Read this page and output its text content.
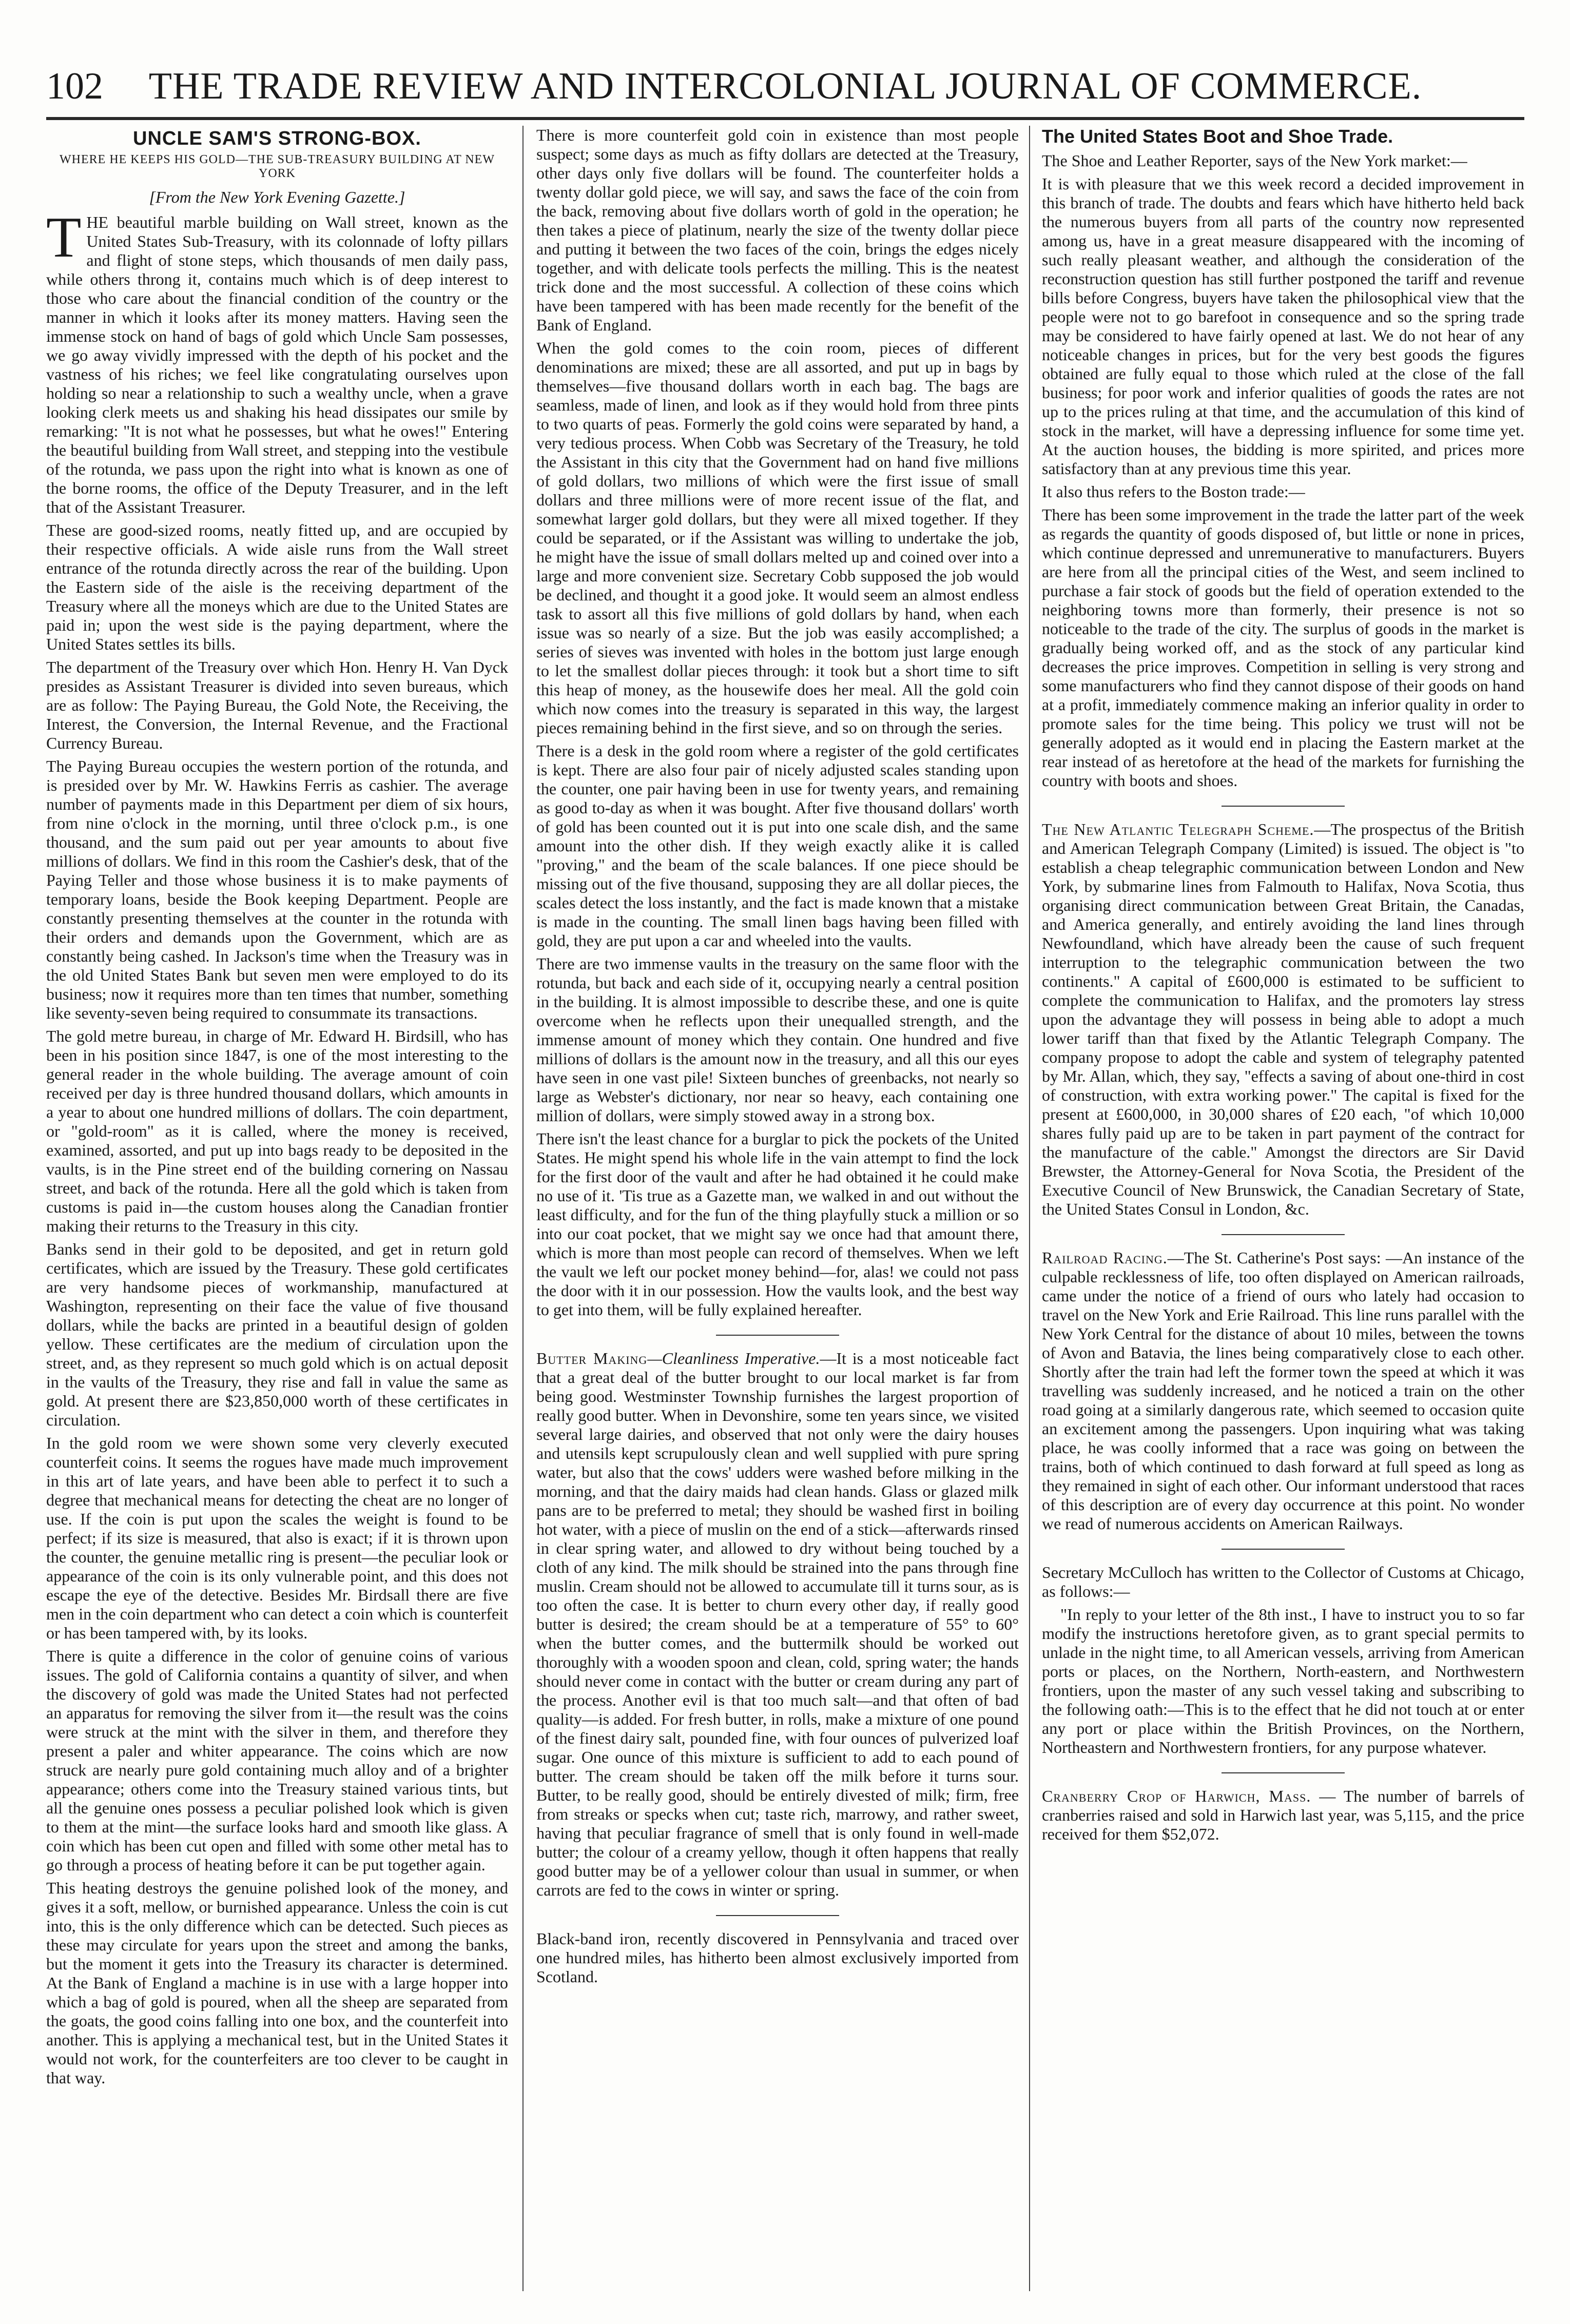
102	THE TRADE REVIEW AND INTERCOLONIAL JOURNAL OF COMMERCE.
UNCLE SAM'S STRONG-BOX.
WHERE HE KEEPS HIS GOLD—THE SUB-TREASURY BUILDING AT NEW YORK
[From the New York Evening Gazette.]

THE beautiful marble building on Wall street, known as the United States Sub-Treasury, with its colonnade of lofty pillars and flight of stone steps, which thousands of men daily pass, while others throng it, contains much which is of deep interest to those who care about the financial condition of the country or the manner in which it looks after its money matters. Having seen the immense stock on hand of bags of gold which Uncle Sam possesses, we go away vividly impressed with the depth of his pocket and the vastness of his riches; we feel like congratulating ourselves upon holding so near a relationship to such a wealthy uncle, when a grave looking clerk meets us and shaking his head dissipates our smile by remarking: "It is not what he possesses, but what he owes!" Entering the beautiful building from Wall street, and stepping into the vestibule of the rotunda, we pass upon the right into what is known as one of the borne rooms, the office of the Deputy Treasurer, and in the left that of the Assistant Treasurer.

These are good-sized rooms, neatly fitted up, and are occupied by their respective officials. A wide aisle runs from the Wall street entrance of the rotunda directly across the rear of the building. Upon the Eastern side of the aisle is the receiving department of the Treasury where all the moneys which are due to the United States are paid in; upon the west side is the paying department, where the United States settles its bills.

The department of the Treasury over which Hon. Henry H. Van Dyck presides as Assistant Treasurer is divided into seven bureaus, which are as follow: The Paying Bureau, the Gold Note, the Receiving, the Interest, the Conversion, the Internal Revenue, and the Fractional Currency Bureau.

The Paying Bureau occupies the western portion of the rotunda, and is presided over by Mr. W. Hawkins Ferris as cashier. The average number of payments made in this Department per diem of six hours, from nine o'clock in the morning, until three o'clock p.m., is one thousand, and the sum paid out per year amounts to about five millions of dollars. We find in this room the Cashier's desk, that of the Paying Teller and those whose business it is to make payments of temporary loans, beside the Book keeping Department. People are constantly presenting themselves at the counter in the rotunda with their orders and demands upon the Government, which are as constantly being cashed. In Jackson's time when the Treasury was in the old United States Bank but seven men were employed to do its business; now it requires more than ten times that number, something like seventy-seven being required to consummate its transactions.

The gold metre bureau, in charge of Mr. Edward H. Birdsill, who has been in his position since 1847, is one of the most interesting to the general reader in the whole building. The average amount of coin received per day is three hundred thousand dollars, which amounts in a year to about one hundred millions of dollars. The coin department, or "gold-room" as it is called, where the money is received, examined, assorted, and put up into bags ready to be deposited in the vaults, is in the Pine street end of the building cornering on Nassau street, and back of the rotunda. Here all the gold which is taken from customs is paid in—the custom houses along the Canadian frontier making their returns to the Treasury in this city.

Banks send in their gold to be deposited, and get in return gold certificates, which are issued by the Treasury. These gold certificates are very handsome pieces of workmanship, manufactured at Washington, representing on their face the value of five thousand dollars, while the backs are printed in a beautiful design of golden yellow. These certificates are the medium of circulation upon the street, and, as they represent so much gold which is on actual deposit in the vaults of the Treasury, they rise and fall in value the same as gold. At present there are $23,850,000 worth of these certificates in circulation.

In the gold room we were shown some very cleverly executed counterfeit coins. It seems the rogues have made much improvement in this art of late years, and have been able to perfect it to such a degree that mechanical means for detecting the cheat are no longer of use. If the coin is put upon the scales the weight is found to be perfect; if its size is measured, that also is exact; if it is thrown upon the counter, the genuine metallic ring is present—the peculiar look or appearance of the coin is its only vulnerable point, and this does not escape the eye of the detective. Besides Mr. Birdsall there are five men in the coin department who can detect a coin which is counterfeit or has been tampered with, by its looks.

There is quite a difference in the color of genuine coins of various issues. The gold of California contains a quantity of silver, and when the discovery of gold was made the United States had not perfected an apparatus for removing the silver from it—the result was the coins were struck at the mint with the silver in them, and therefore they present a paler and whiter appearance. The coins which are now struck are nearly pure gold containing much alloy and of a brighter appearance; others come into the Treasury stained various tints, but all the genuine ones possess a peculiar polished look which is given to them at the mint—the surface looks hard and smooth like glass. A coin which has been cut open and filled with some other metal has to go through a process of heating before it can be put together again.

This heating destroys the genuine polished look of the money, and gives it a soft, mellow, or burnished appearance. Unless the coin is cut into, this is the only difference which can be detected. Such pieces as these may circulate for years upon the street and among the banks, but the moment it gets into the Treasury its character is determined. At the Bank of England a machine is in use with a large hopper into which a bag of gold is poured, when all the sheep are separated from the goats, the good coins falling into one box, and the counterfeit into another. This is applying a mechanical test, but in the United States it would not work, for the counterfeiters are too clever to be caught in that way.

There is more counterfeit gold coin in existence than most people suspect; some days as much as fifty dollars are detected at the Treasury, other days only five dollars will be found. The counterfeiter holds a twenty dollar gold piece, we will say, and saws the face of the coin from the back, removing about five dollars worth of gold in the operation; he then takes a piece of platinum, nearly the size of the twenty dollar piece and putting it between the two faces of the coin, brings the edges nicely together, and with delicate tools perfects the milling. This is the neatest trick done and the most successful. A collection of these coins which have been tampered with has been made recently for the benefit of the Bank of England.

When the gold comes to the coin room, pieces of different denominations are mixed; these are all assorted, and put up in bags by themselves—five thousand dollars worth in each bag. The bags are seamless, made of linen, and look as if they would hold from three pints to two quarts of peas. Formerly the gold coins were separated by hand, a very tedious process. When Cobb was Secretary of the Treasury, he told the Assistant in this city that the Government had on hand five millions of gold dollars, two millions of which were the first issue of small dollars and three millions were of more recent issue of the flat, and somewhat larger gold dollars, but they were all mixed together. If they could be separated, or if the Assistant was willing to undertake the job, he might have the issue of small dollars melted up and coined over into a large and more convenient size. Secretary Cobb supposed the job would be declined, and thought it a good joke. It would seem an almost endless task to assort all this five millions of gold dollars by hand, when each issue was so nearly of a size. But the job was easily accomplished; a series of sieves was invented with holes in the bottom just large enough to let the smallest dollar pieces through: it took but a short time to sift this heap of money, as the housewife does her meal. All the gold coin which now comes into the treasury is separated in this way, the largest pieces remaining behind in the first sieve, and so on through the series.

There is a desk in the gold room where a register of the gold certificates is kept. There are also four pair of nicely adjusted scales standing upon the counter, one pair having been in use for twenty years, and remaining as good to-day as when it was bought. After five thousand dollars' worth of gold has been counted out it is put into one scale dish, and the same amount into the other dish. If they weigh exactly alike it is called "proving," and the beam of the scale balances. If one piece should be missing out of the five thousand, supposing they are all dollar pieces, the scales detect the loss instantly, and the fact is made known that a mistake is made in the counting. The small linen bags having been filled with gold, they are put upon a car and wheeled into the vaults.

There are two immense vaults in the treasury on the same floor with the rotunda, but back and each side of it, occupying nearly a central position in the building. It is almost impossible to describe these, and one is quite overcome when he reflects upon their unequalled strength, and the immense amount of money which they contain. One hundred and five millions of dollars is the amount now in the treasury, and all this our eyes have seen in one vast pile! Sixteen bunches of greenbacks, not nearly so large as Webster's dictionary, nor near so heavy, each containing one million of dollars, were simply stowed away in a strong box.

There isn't the least chance for a burglar to pick the pockets of the United States. He might spend his whole life in the vain attempt to find the lock for the first door of the vault and after he had obtained it he could make no use of it. 'Tis true as a Gazette man, we walked in and out without the least difficulty, and for the fun of the thing playfully stuck a million or so into our coat pocket, that we might say we once had that amount there, which is more than most people can record of themselves. When we left the vault we left our pocket money behind—for, alas! we could not pass the door with it in our possession. How the vaults look, and the best way to get into them, will be fully explained hereafter.

Butter Making—Cleanliness Imperative.—It is a most noticeable fact that a great deal of the butter brought to our local market is far from being good. Westminster Township furnishes the largest proportion of really good butter. When in Devonshire, some ten years since, we visited several large dairies, and observed that not only were the dairy houses and utensils kept scrupulously clean and well supplied with pure spring water, but also that the cows' udders were washed before milking in the morning, and that the dairy maids had clean hands. Glass or glazed milk pans are to be preferred to metal; they should be washed first in boiling hot water, with a piece of muslin on the end of a stick—afterwards rinsed in clear spring water, and allowed to dry without being touched by a cloth of any kind. The milk should be strained into the pans through fine muslin. Cream should not be allowed to accumulate till it turns sour, as is too often the case. It is better to churn every other day, if really good butter is desired; the cream should be at a temperature of 55° to 60° when the butter comes, and the buttermilk should be worked out thoroughly with a wooden spoon and clean, cold, spring water; the hands should never come in contact with the butter or cream during any part of the process. Another evil is that too much salt—and that often of bad quality—is added. For fresh butter, in rolls, make a mixture of one pound of the finest dairy salt, pounded fine, with four ounces of pulverized loaf sugar. One ounce of this mixture is sufficient to add to each pound of butter. The cream should be taken off the milk before it turns sour. Butter, to be really good, should be entirely divested of milk; firm, free from streaks or specks when cut; taste rich, marrowy, and rather sweet, having that peculiar fragrance of smell that is only found in well-made butter; the colour of a creamy yellow, though it often happens that really good butter may be of a yellower colour than usual in summer, or when carrots are fed to the cows in winter or spring.

Black-band iron, recently discovered in Pennsylvania and traced over one hundred miles, has hitherto been almost exclusively imported from Scotland.

The United States Boot and Shoe Trade.

The Shoe and Leather Reporter, says of the New York market:—

It is with pleasure that we this week record a decided improvement in this branch of trade. The doubts and fears which have hitherto held back the numerous buyers from all parts of the country now represented among us, have in a great measure disappeared with the incoming of such really pleasant weather, and although the consideration of the reconstruction question has still further postponed the tariff and revenue bills before Congress, buyers have taken the philosophical view that the people were not to go barefoot in consequence and so the spring trade may be considered to have fairly opened at last. We do not hear of any noticeable changes in prices, but for the very best goods the figures obtained are fully equal to those which ruled at the close of the fall business; for poor work and inferior qualities of goods the rates are not up to the prices ruling at that time, and the accumulation of this kind of stock in the market, will have a depressing influence for some time yet. At the auction houses, the bidding is more spirited, and prices more satisfactory than at any previous time this year.

It also thus refers to the Boston trade:—

There has been some improvement in the trade the latter part of the week as regards the quantity of goods disposed of, but little or none in prices, which continue depressed and unremunerative to manufacturers. Buyers are here from all the principal cities of the West, and seem inclined to purchase a fair stock of goods but the field of operation extended to the neighboring towns more than formerly, their presence is not so noticeable to the trade of the city. The surplus of goods in the market is gradually being worked off, and as the stock of any particular kind decreases the price improves. Competition in selling is very strong and some manufacturers who find they cannot dispose of their goods on hand at a profit, immediately commence making an inferior quality in order to promote sales for the time being. This policy we trust will not be generally adopted as it would end in placing the Eastern market at the rear instead of as heretofore at the head of the markets for furnishing the country with boots and shoes.

The New Atlantic Telegraph Scheme.—The prospectus of the British and American Telegraph Company (Limited) is issued. The object is "to establish a cheap telegraphic communication between London and New York, by submarine lines from Falmouth to Halifax, Nova Scotia, thus organising direct communication between Great Britain, the Canadas, and America generally, and entirely avoiding the land lines through Newfoundland, which have already been the cause of such frequent interruption to the telegraphic communication between the two continents." A capital of £600,000 is estimated to be sufficient to complete the communication to Halifax, and the promoters lay stress upon the advantage they will possess in being able to adopt a much lower tariff than that fixed by the Atlantic Telegraph Company. The company propose to adopt the cable and system of telegraphy patented by Mr. Allan, which, they say, "effects a saving of about one-third in cost of construction, with extra working power." The capital is fixed for the present at £600,000, in 30,000 shares of £20 each, "of which 10,000 shares fully paid up are to be taken in part payment of the contract for the manufacture of the cable." Amongst the directors are Sir David Brewster, the Attorney-General for Nova Scotia, the President of the Executive Council of New Brunswick, the Canadian Secretary of State, the United States Consul in London, &c.

Railroad Racing.—The St. Catherine's Post says: —An instance of the culpable recklessness of life, too often displayed on American railroads, came under the notice of a friend of ours who lately had occasion to travel on the New York and Erie Railroad. This line runs parallel with the New York Central for the distance of about 10 miles, between the towns of Avon and Batavia, the lines being comparatively close to each other. Shortly after the train had left the former town the speed at which it was travelling was suddenly increased, and he noticed a train on the other road going at a similarly dangerous rate, which seemed to occasion quite an excitement among the passengers. Upon inquiring what was taking place, he was coolly informed that a race was going on between the trains, both of which continued to dash forward at full speed as long as they remained in sight of each other. Our informant understood that races of this description are of every day occurrence at this point. No wonder we read of numerous accidents on American Railways.

Secretary McCulloch has written to the Collector of Customs at Chicago, as follows:—

"In reply to your letter of the 8th inst., I have to instruct you to so far modify the instructions heretofore given, as to grant special permits to unlade in the night time, to all American vessels, arriving from American ports or places, on the Northern, North-eastern, and Northwestern frontiers, upon the master of any such vessel taking and subscribing to the following oath:—This is to the effect that he did not touch at or enter any port or place within the British Provinces, on the Northern, Northeastern and Northwestern frontiers, for any purpose whatever.

Cranberry Crop of Harwich, Mass. — The number of barrels of cranberries raised and sold in Harwich last year, was 5,115, and the price received for them $52,072.
